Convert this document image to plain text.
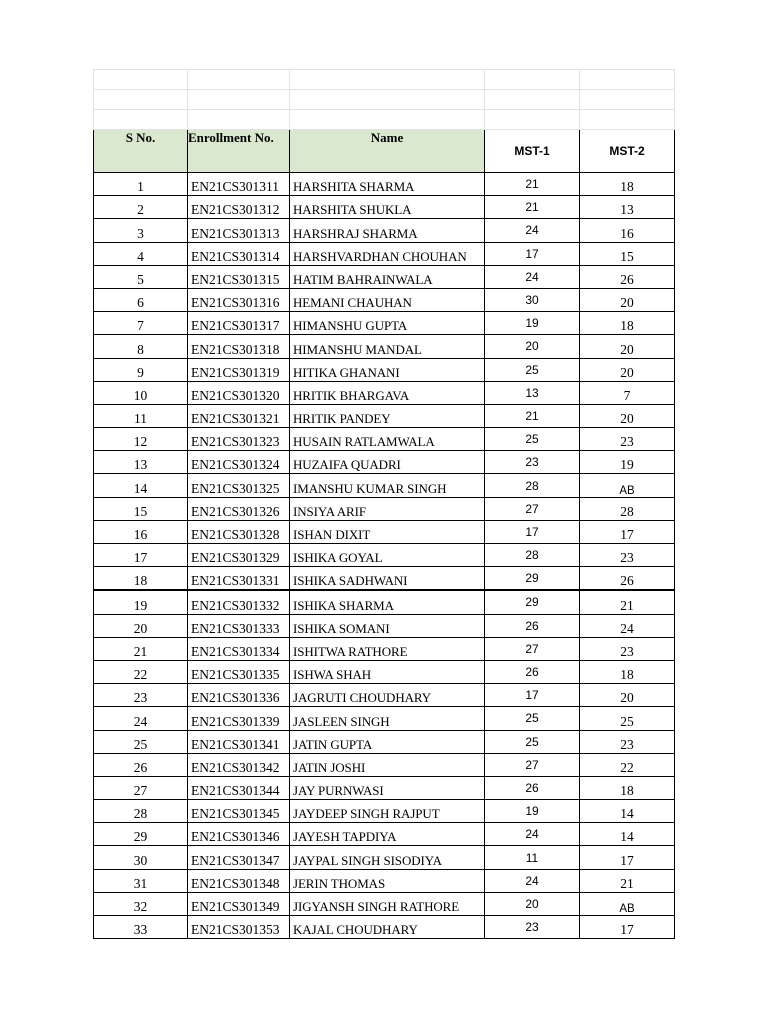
S No.	Enrollment No.	Name	MST-1	MST-2
1	EN21CS301311	HARSHITA SHARMA	21	18
2	EN21CS301312	HARSHITA SHUKLA	21	13
3	EN21CS301313	HARSHRAJ SHARMA	24	16
4	EN21CS301314	HARSHVARDHAN CHOUHAN	17	15
5	EN21CS301315	HATIM BAHRAINWALA	24	26
6	EN21CS301316	HEMANI CHAUHAN	30	20
7	EN21CS301317	HIMANSHU GUPTA	19	18
8	EN21CS301318	HIMANSHU MANDAL	20	20
9	EN21CS301319	HITIKA GHANANI	25	20
10	EN21CS301320	HRITIK BHARGAVA	13	7
11	EN21CS301321	HRITIK PANDEY	21	20
12	EN21CS301323	HUSAIN RATLAMWALA	25	23
13	EN21CS301324	HUZAIFA QUADRI	23	19
14	EN21CS301325	IMANSHU KUMAR SINGH	28	AB
15	EN21CS301326	INSIYA ARIF	27	28
16	EN21CS301328	ISHAN DIXIT	17	17
17	EN21CS301329	ISHIKA GOYAL	28	23
18	EN21CS301331	ISHIKA SADHWANI	29	26
19	EN21CS301332	ISHIKA SHARMA	29	21
20	EN21CS301333	ISHIKA SOMANI	26	24
21	EN21CS301334	ISHITWA RATHORE	27	23
22	EN21CS301335	ISHWA SHAH	26	18
23	EN21CS301336	JAGRUTI CHOUDHARY	17	20
24	EN21CS301339	JASLEEN SINGH	25	25
25	EN21CS301341	JATIN GUPTA	25	23
26	EN21CS301342	JATIN JOSHI	27	22
27	EN21CS301344	JAY PURNWASI	26	18
28	EN21CS301345	JAYDEEP SINGH RAJPUT	19	14
29	EN21CS301346	JAYESH TAPDIYA	24	14
30	EN21CS301347	JAYPAL SINGH SISODIYA	11	17
31	EN21CS301348	JERIN THOMAS	24	21
32	EN21CS301349	JIGYANSH SINGH RATHORE	20	AB
33	EN21CS301353	KAJAL CHOUDHARY	23	17
